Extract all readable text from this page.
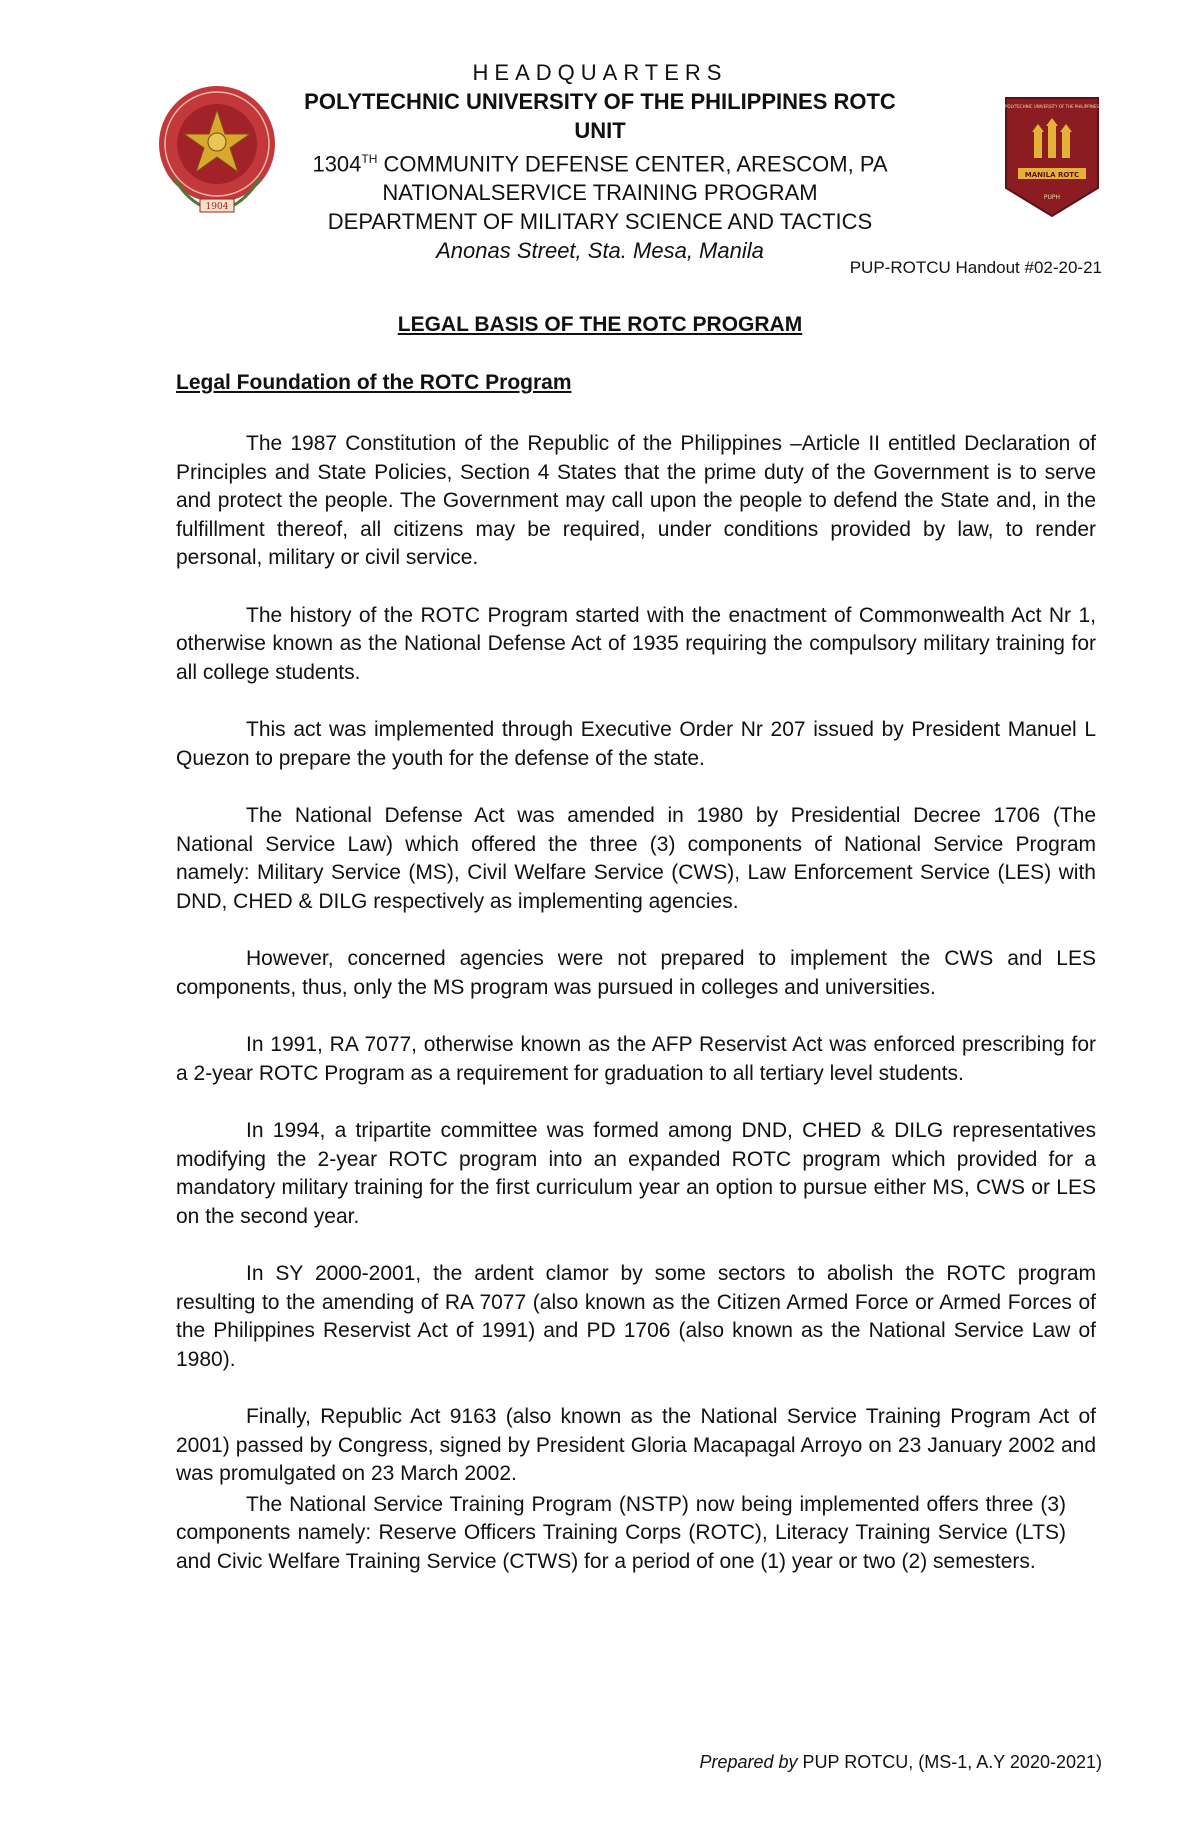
1904
POLYTECHNIC UNIVERSITY OF THE PHILIPPINES
MANILA ROTC
PUPH
HEADQUARTERS
POLYTECHNIC UNIVERSITY OF THE PHILIPPINES ROTC UNIT
1304TH COMMUNITY DEFENSE CENTER, ARESCOM, PA
NATIONALSERVICE TRAINING PROGRAM
DEPARTMENT OF MILITARY SCIENCE AND TACTICS
Anonas Street, Sta. Mesa, Manila
PUP-ROTCU Handout #02-20-21
LEGAL BASIS OF THE ROTC PROGRAM
Legal Foundation of the ROTC Program

The 1987 Constitution of the Republic of the Philippines –Article II entitled Declaration of Principles and State Policies, Section 4 States that the prime duty of the Government is to serve and protect the people. The Government may call upon the people to defend the State and, in the fulfillment thereof, all citizens may be required, under conditions provided by law, to render personal, military or civil service.

The history of the ROTC Program started with the enactment of Commonwealth Act Nr 1, otherwise known as the National Defense Act of 1935 requiring the compulsory military training for all college students.

This act was implemented through Executive Order Nr 207 issued by President Manuel L Quezon to prepare the youth for the defense of the state.

The National Defense Act was amended in 1980 by Presidential Decree 1706 (The National Service Law) which offered the three (3) components of National Service Program namely: Military Service (MS), Civil Welfare Service (CWS), Law Enforcement Service (LES) with DND, CHED & DILG respectively as implementing agencies.

However, concerned agencies were not prepared to implement the CWS and LES components, thus, only the MS program was pursued in colleges and universities.

In 1991, RA 7077, otherwise known as the AFP Reservist Act was enforced prescribing for a 2-year ROTC Program as a requirement for graduation to all tertiary level students.

In 1994, a tripartite committee was formed among DND, CHED & DILG representatives modifying the 2-year ROTC program into an expanded ROTC program which provided for a mandatory military training for the first curriculum year an option to pursue either MS, CWS or LES on the second year.

In SY 2000-2001, the ardent clamor by some sectors to abolish the ROTC program resulting to the amending of RA 7077 (also known as the Citizen Armed Force or Armed Forces of the Philippines Reservist Act of 1991) and PD 1706 (also known as the National Service Law of 1980).

Finally, Republic Act 9163 (also known as the National Service Training Program Act of 2001) passed by Congress, signed by President Gloria Macapagal Arroyo on 23 January 2002 and was promulgated on 23 March 2002.

The National Service Training Program (NSTP) now being implemented offers three (3) components namely: Reserve Officers Training Corps (ROTC), Literacy Training Service (LTS) and Civic Welfare Training Service (CTWS) for a period of one (1) year or two (2) semesters.

Prepared by PUP ROTCU, (MS-1, A.Y 2020-2021)
